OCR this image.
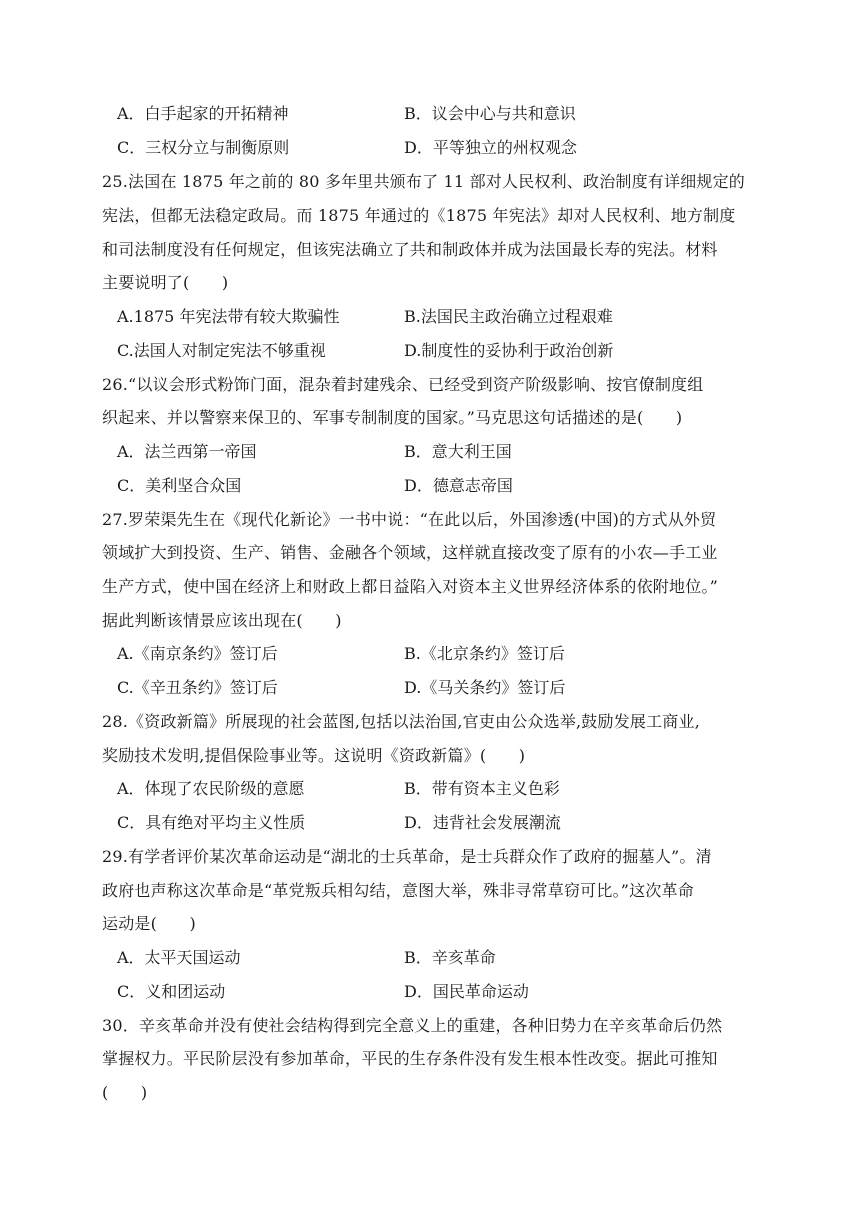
A．白手起家的开拓精神	B．议会中心与共和意识
C．三权分立与制衡原则	D．平等独立的州权观念
25.法国在 1875 年之前的 80 多年里共颁布了 11 部对人民权利、政治制度有详细规定的
宪法，但都无法稳定政局。而 1875 年通过的《1875 年宪法》却对人民权利、地方制度
和司法制度没有任何规定，但该宪法确立了共和制政体并成为法国最长寿的宪法。材料
主要说明了(　　)
A.1875 年宪法带有较大欺骗性	B.法国民主政治确立过程艰难
C.法国人对制定宪法不够重视	D.制度性的妥协利于政治创新
26.“以议会形式粉饰门面，混杂着封建残余、已经受到资产阶级影响、按官僚制度组
织起来、并以警察来保卫的、军事专制制度的国家。”马克思这句话描述的是(　　)
A．法兰西第一帝国	B．意大利王国
C．美利坚合众国	D．德意志帝国
27.罗荣渠先生在《现代化新论》一书中说：“在此以后，外国渗透(中国)的方式从外贸
领域扩大到投资、生产、销售、金融各个领域，这样就直接改变了原有的小农—手工业
生产方式，使中国在经济上和财政上都日益陷入对资本主义世界经济体系的依附地位。”
据此判断该情景应该出现在(　　)
A.《南京条约》签订后	B.《北京条约》签订后
C.《辛丑条约》签订后	D.《马关条约》签订后
28.《资政新篇》所展现的社会蓝图,包括以法治国,官吏由公众选举,鼓励发展工商业,
奖励技术发明,提倡保险事业等。这说明《资政新篇》(　　)
A．体现了农民阶级的意愿	B．带有资本主义色彩
C．具有绝对平均主义性质	D．违背社会发展潮流
29.有学者评价某次革命运动是“湖北的士兵革命，是士兵群众作了政府的掘墓人”。清
政府也声称这次革命是“革党叛兵相勾结，意图大举，殊非寻常草窃可比。”这次革命
运动是(　　)
A．太平天国运动	B．辛亥革命
C．义和团运动	D．国民革命运动
30．辛亥革命并没有使社会结构得到完全意义上的重建，各种旧势力在辛亥革命后仍然
掌握权力。平民阶层没有参加革命，平民的生存条件没有发生根本性改变。据此可推知
(　　)
